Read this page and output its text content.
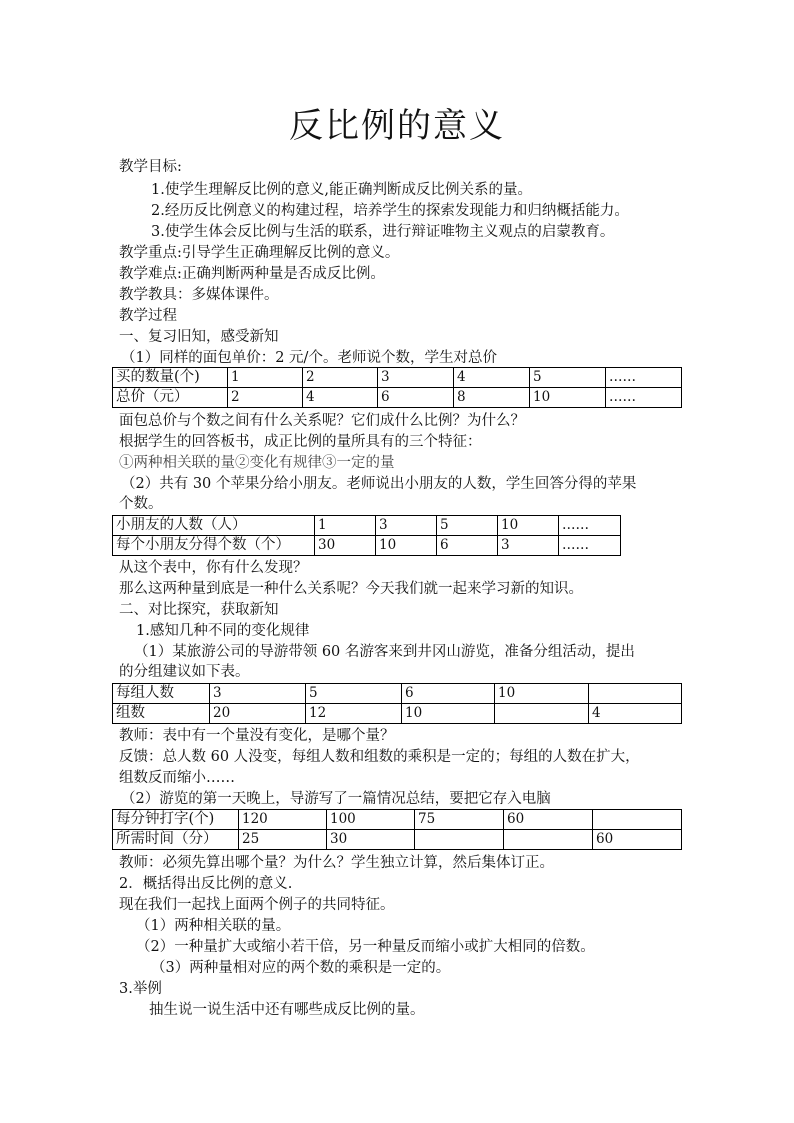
反比例的意义
教学目标:
1.使学生理解反比例的意义,能正确判断成反比例关系的量。
2.经历反比例意义的构建过程，培养学生的探索发现能力和归纳概括能力。
3.使学生体会反比例与生活的联系，进行辩证唯物主义观点的启蒙教育。
教学重点:引导学生正确理解反比例的意义。
教学难点:正确判断两种量是否成反比例。
教学教具：多媒体课件。
教学过程
一、复习旧知，感受新知
（1）同样的面包单价：2 元/个。老师说个数，学生对总价
买的数量(个)	1	2	3	4	5	……
总价（元）	2	4	6	8	10	……
面包总价与个数之间有什么关系呢？它们成什么比例？为什么？
根据学生的回答板书，成正比例的量所具有的三个特征：
①两种相关联的量②变化有规律③一定的量
（2）共有 30 个苹果分给小朋友。老师说出小朋友的人数，学生回答分得的苹果
个数。
小朋友的人数（人）	1	3	5	10	……
每个小朋友分得个数（个）	30	10	6	3	……
从这个表中，你有什么发现？
那么这两种量到底是一种什么关系呢？今天我们就一起来学习新的知识。
二、对比探究，获取新知
1.感知几种不同的变化规律
（1）某旅游公司的导游带领 60 名游客来到井冈山游览，准备分组活动，提出
的分组建议如下表。
每组人数	3	5	6	10	
组数	20	12	10		4
教师：表中有一个量没有变化，是哪个量？
反馈：总人数 60 人没变，每组人数和组数的乘积是一定的；每组的人数在扩大，
组数反而缩小……
（2）游览的第一天晚上，导游写了一篇情况总结，要把它存入电脑
每分钟打字(个)	120	100	75	60	
所需时间（分）	25	30			60
教师：必须先算出哪个量？为什么？学生独立计算，然后集体订正。
2．概括得出反比例的意义.
现在我们一起找上面两个例子的共同特征。
（1）两种相关联的量。
（2）一种量扩大或缩小若干倍，另一种量反而缩小或扩大相同的倍数。
（3）两种量相对应的两个数的乘积是一定的。
3.举例
抽生说一说生活中还有哪些成反比例的量。
